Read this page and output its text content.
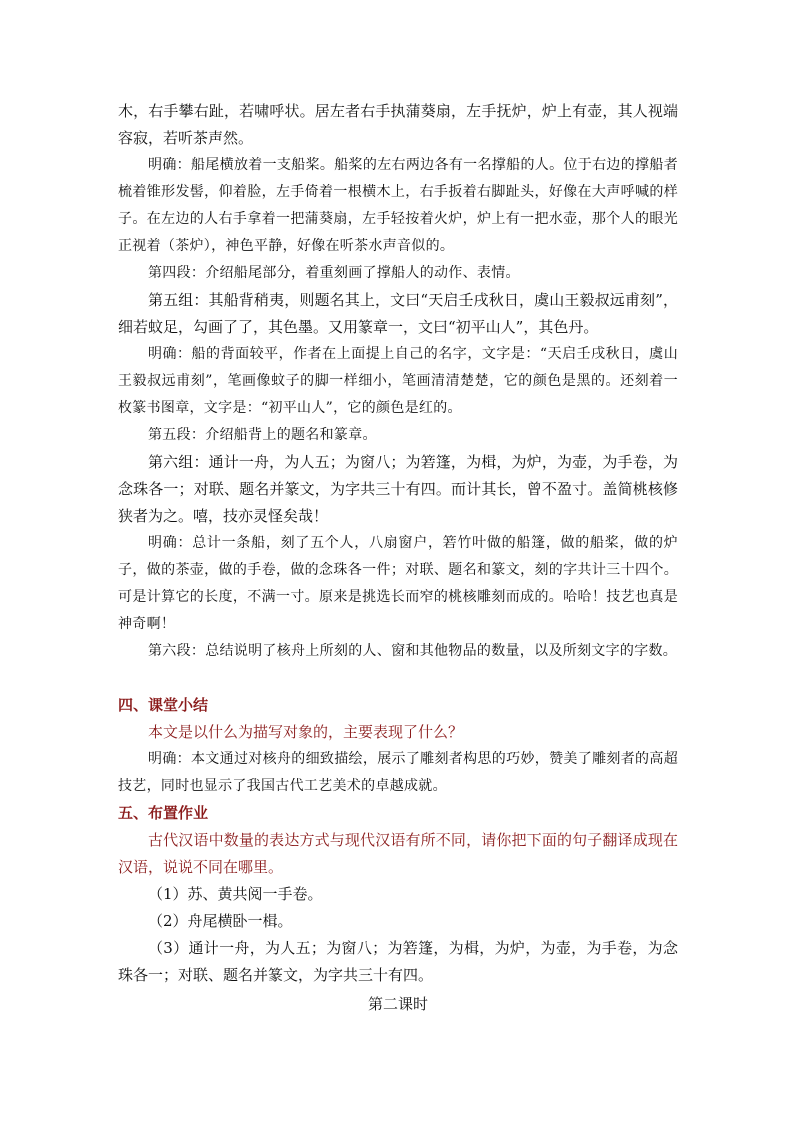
木，右手攀右趾，若啸呼状。居左者右手执蒲葵扇，左手抚炉，炉上有壶，其人视端容寂，若听茶声然。

明确：船尾横放着一支船桨。船桨的左右两边各有一名撑船的人。位于右边的撑船者梳着锥形发髻，仰着脸，左手倚着一根横木上，右手扳着右脚趾头，好像在大声呼喊的样子。在左边的人右手拿着一把蒲葵扇，左手轻按着火炉，炉上有一把水壶，那个人的眼光正视着（茶炉），神色平静，好像在听茶水声音似的。

第四段：介绍船尾部分，着重刻画了撑船人的动作、表情。

第五组：其船背稍夷，则题名其上，文曰“天启壬戌秋日，虞山王毅叔远甫刻”，细若蚊足，勾画了了，其色墨。又用篆章一，文曰“初平山人”，其色丹。

明确：船的背面较平，作者在上面提上自己的名字，文字是：“天启壬戌秋日，虞山王毅叔远甫刻”，笔画像蚊子的脚一样细小，笔画清清楚楚，它的颜色是黑的。还刻着一枚篆书图章，文字是：“初平山人”，它的颜色是红的。

第五段：介绍船背上的题名和篆章。

第六组：通计一舟，为人五；为窗八；为箬篷，为楫，为炉，为壶，为手卷，为念珠各一；对联、题名并篆文，为字共三十有四。而计其长，曾不盈寸。盖简桃核修狭者为之。嘻，技亦灵怪矣哉！

明确：总计一条船，刻了五个人，八扇窗户，箬竹叶做的船篷，做的船桨，做的炉子，做的茶壶，做的手卷，做的念珠各一件；对联、题名和篆文，刻的字共计三十四个。可是计算它的长度，不满一寸。原来是挑选长而窄的桃核雕刻而成的。哈哈！技艺也真是神奇啊！

第六段：总结说明了核舟上所刻的人、窗和其他物品的数量，以及所刻文字的字数。

四、课堂小结

本文是以什么为描写对象的，主要表现了什么？

明确：本文通过对核舟的细致描绘，展示了雕刻者构思的巧妙，赞美了雕刻者的高超技艺，同时也显示了我国古代工艺美术的卓越成就。

五、布置作业

古代汉语中数量的表达方式与现代汉语有所不同，请你把下面的句子翻译成现在汉语，说说不同在哪里。

（1）苏、黄共阅一手卷。

（2）舟尾横卧一楫。

（3）通计一舟，为人五；为窗八；为箬篷，为楫，为炉，为壶，为手卷，为念珠各一；对联、题名并篆文，为字共三十有四。

第二课时
